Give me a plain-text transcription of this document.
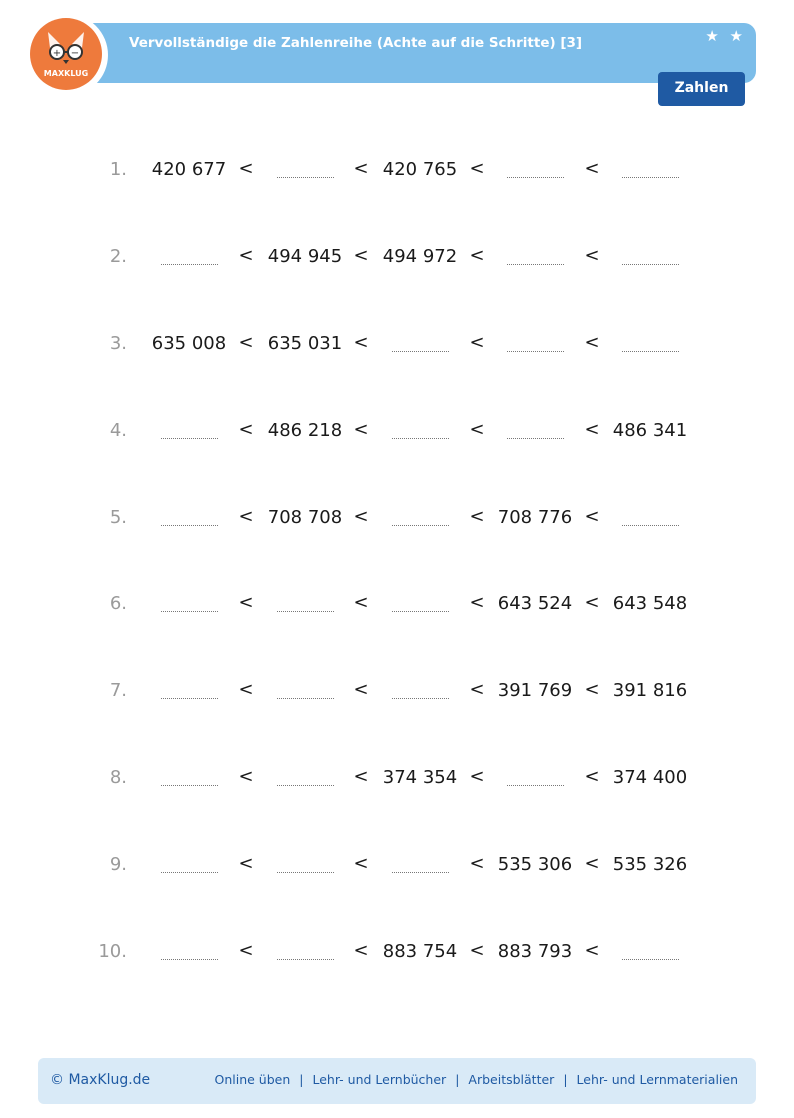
Vervollständige die Zahlenreihe (Achte auf die Schritte) [3]	★ ★
+ −
MAXKLUG
Zahlen
1.	420 677 <	< 420 765 <	<
2.	< 494 945 < 494 972 <	<
3.	635 008 < 635 031 <	<	<
4.	< 486 218 <	<	< 486 341
5.	< 708 708 <	< 708 776 <
6.	<	<	< 643 524 < 643 548
7.	<	<	< 391 769 < 391 816
8.	<	< 374 354 <	< 374 400
9.	<	<	< 535 306 < 535 326
10.	<	< 883 754 < 883 793 <
© MaxKlug.de	Online üben | Lehr- und Lernbücher | Arbeitsblätter | Lehr- und Lernmaterialien
